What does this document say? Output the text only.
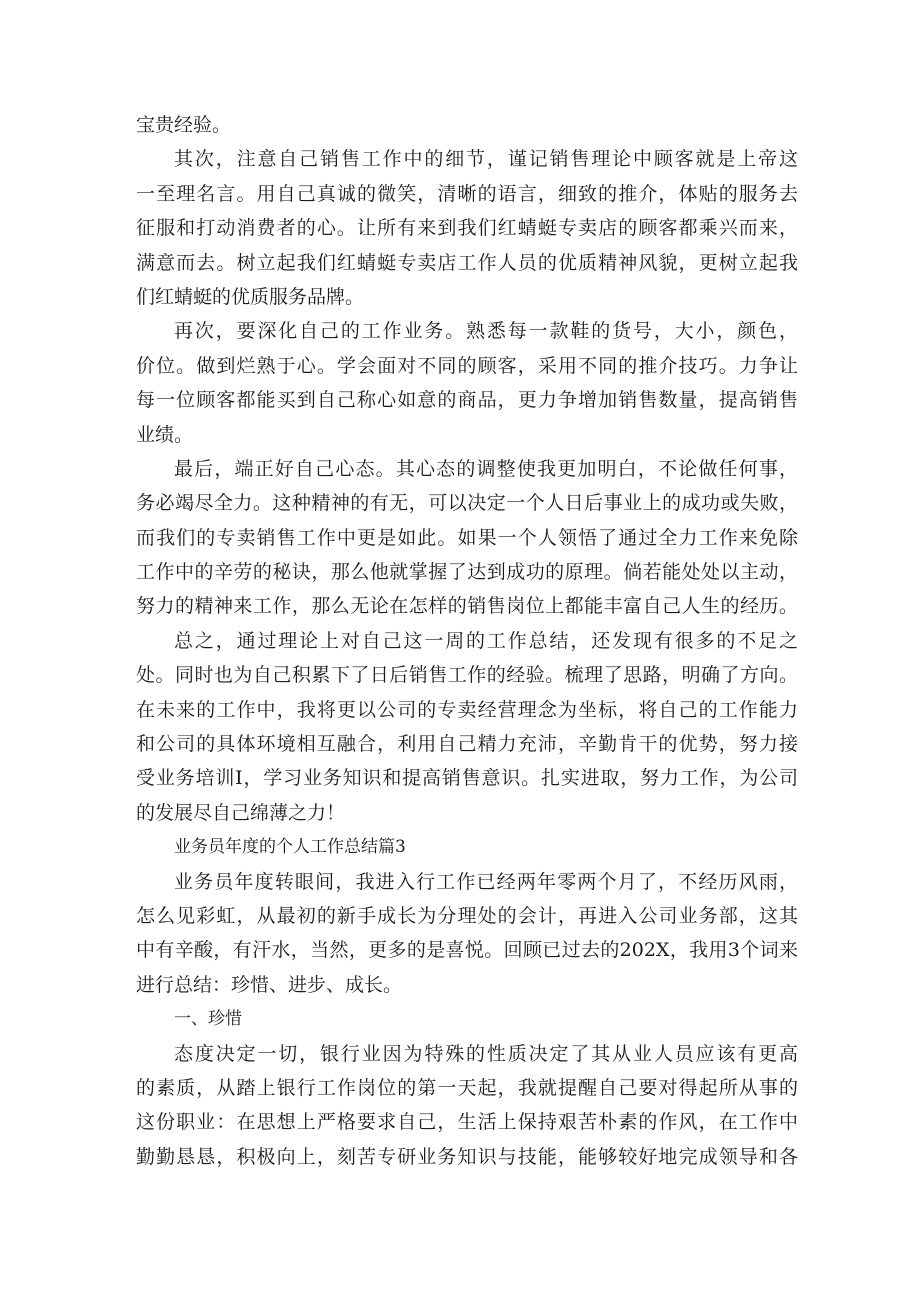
宝贵经验。
其次，注意自己销售工作中的细节，谨记销售理论中顾客就是上帝这
一至理名言。用自己真诚的微笑，清晰的语言，细致的推介，体贴的服务去
征服和打动消费者的心。让所有来到我们红蜻蜓专卖店的顾客都乘兴而来，
满意而去。树立起我们红蜻蜓专卖店工作人员的优质精神风貌，更树立起我
们红蜻蜓的优质服务品牌。
再次，要深化自己的工作业务。熟悉每一款鞋的货号，大小，颜色，
价位。做到烂熟于心。学会面对不同的顾客，采用不同的推介技巧。力争让
每一位顾客都能买到自己称心如意的商品，更力争增加销售数量，提高销售
业绩。
最后，端正好自己心态。其心态的调整使我更加明白，不论做任何事，
务必竭尽全力。这种精神的有无，可以决定一个人日后事业上的成功或失败，
而我们的专卖销售工作中更是如此。如果一个人领悟了通过全力工作来免除
工作中的辛劳的秘诀，那么他就掌握了达到成功的原理。倘若能处处以主动，
努力的精神来工作，那么无论在怎样的销售岗位上都能丰富自己人生的经历。
总之，通过理论上对自己这一周的工作总结，还发现有很多的不足之
处。同时也为自己积累下了日后销售工作的经验。梳理了思路，明确了方向。
在未来的工作中，我将更以公司的专卖经营理念为坐标，将自己的工作能力
和公司的具体环境相互融合，利用自己精力充沛，辛勤肯干的优势，努力接
受业务培训I，学习业务知识和提高销售意识。扎实进取，努力工作，为公司
的发展尽自己绵薄之力！
业务员年度的个人工作总结篇3
业务员年度转眼间，我进入行工作已经两年零两个月了，不经历风雨，
怎么见彩虹，从最初的新手成长为分理处的会计，再进入公司业务部，这其
中有辛酸，有汗水，当然，更多的是喜悦。回顾已过去的202X，我用3个词来
进行总结：珍惜、进步、成长。
一、珍惜
态度决定一切，银行业因为特殊的性质决定了其从业人员应该有更高
的素质，从踏上银行工作岗位的第一天起，我就提醒自己要对得起所从事的
这份职业：在思想上严格要求自己，生活上保持艰苦朴素的作风，在工作中
勤勤恳恳，积极向上，刻苦专研业务知识与技能，能够较好地完成领导和各
